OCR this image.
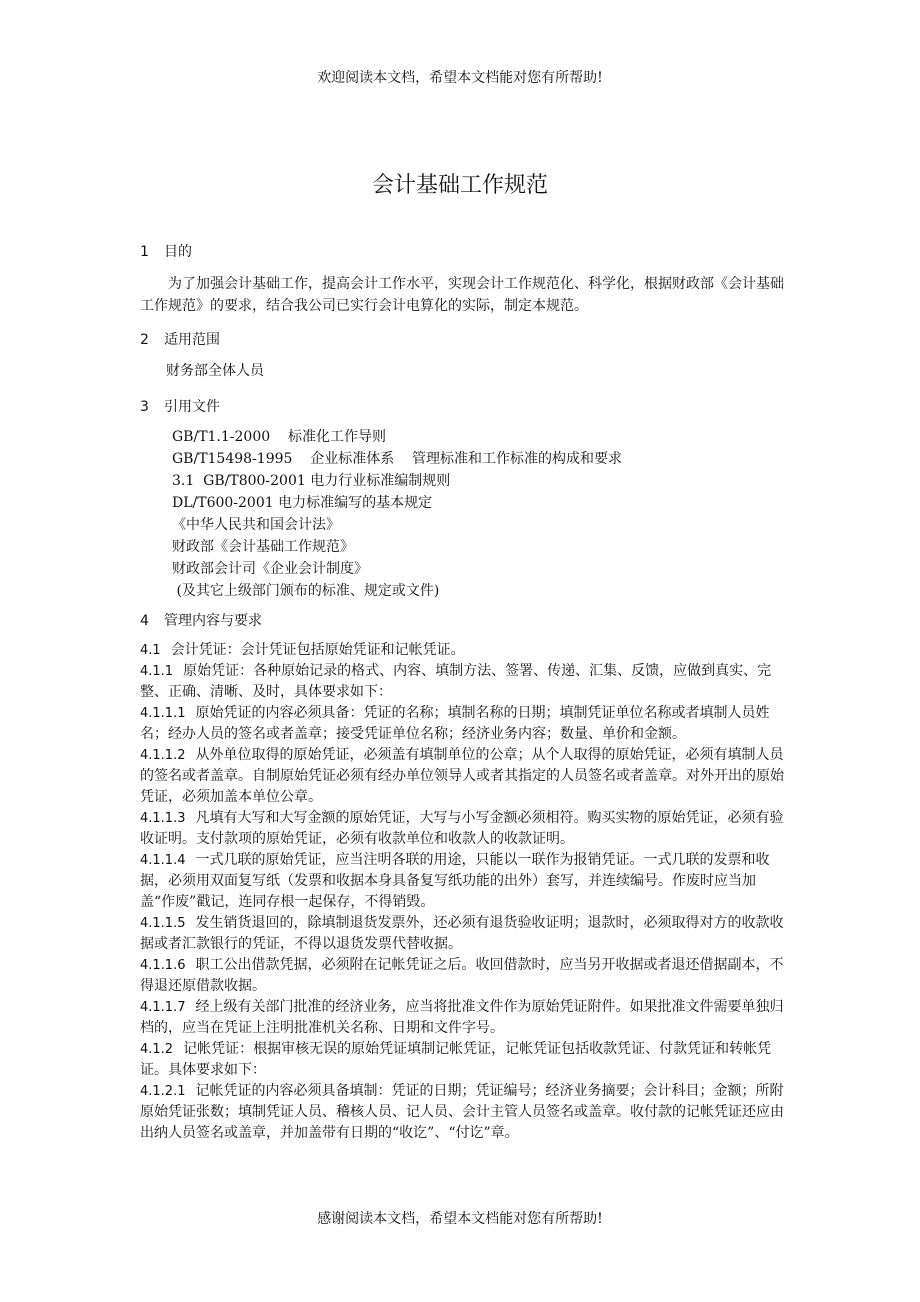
欢迎阅读本文档，希望本文档能对您有所帮助!
会计基础工作规范
1 目的
为了加强会计基础工作，提高会计工作水平，实现会计工作规范化、科学化，根据财政部《会计基础工作规范》的要求，结合我公司已实行会计电算化的实际，制定本规范。
2 适用范围
财务部全体人员
3 引用文件
GB/T1.1-2000    标准化工作导则
GB/T15498-1995    企业标准体系    管理标准和工作标准的构成和要求
3.1  GB/T800-2001 电力行业标准编制规则
DL/T600-2001 电力标准编写的基本规定
《中华人民共和国会计法》
财政部《会计基础工作规范》
财政部会计司《企业会计制度》
(及其它上级部门颁布的标准、规定或文件)
4 管理内容与要求

4.1 会计凭证：会计凭证包括原始凭证和记帐凭证。

4.1.1 原始凭证：各种原始记录的格式、内容、填制方法、签署、传递、汇集、反馈，应做到真实、完整、正确、清晰、及时，具体要求如下：

4.1.1.1 原始凭证的内容必须具备：凭证的名称；填制名称的日期；填制凭证单位名称或者填制人员姓名；经办人员的签名或者盖章；接受凭证单位名称；经济业务内容；数量、单价和金额。

4.1.1.2 从外单位取得的原始凭证，必须盖有填制单位的公章；从个人取得的原始凭证，必须有填制人员的签名或者盖章。自制原始凭证必须有经办单位领导人或者其指定的人员签名或者盖章。对外开出的原始凭证，必须加盖本单位公章。

4.1.1.3 凡填有大写和大写金额的原始凭证，大写与小写金额必须相符。购买实物的原始凭证，必须有验收证明。支付款项的原始凭证，必须有收款单位和收款人的收款证明。

4.1.1.4 一式几联的原始凭证，应当注明各联的用途，只能以一联作为报销凭证。一式几联的发票和收据，必须用双面复写纸（发票和收据本身具备复写纸功能的出外）套写，并连续编号。作废时应当加盖“作废”戳记，连同存根一起保存，不得销毁。

4.1.1.5 发生销货退回的，除填制退货发票外，还必须有退货验收证明；退款时，必须取得对方的收款收据或者汇款银行的凭证，不得以退货发票代替收据。

4.1.1.6 职工公出借款凭据，必须附在记帐凭证之后。收回借款时，应当另开收据或者退还借据副本，不得退还原借款收据。

4.1.1.7 经上级有关部门批准的经济业务，应当将批准文件作为原始凭证附件。如果批准文件需要单独归档的，应当在凭证上注明批准机关名称、日期和文件字号。

4.1.2 记帐凭证：根据审核无误的原始凭证填制记帐凭证，记帐凭证包括收款凭证、付款凭证和转帐凭证。具体要求如下：

4.1.2.1 记帐凭证的内容必须具备填制：凭证的日期；凭证编号；经济业务摘要；会计科目；金额；所附原始凭证张数；填制凭证人员、稽核人员、记人员、会计主管人员签名或盖章。收付款的记帐凭证还应由出纳人员签名或盖章，并加盖带有日期的“收讫”、“付讫”章。

感谢阅读本文档，希望本文档能对您有所帮助!
